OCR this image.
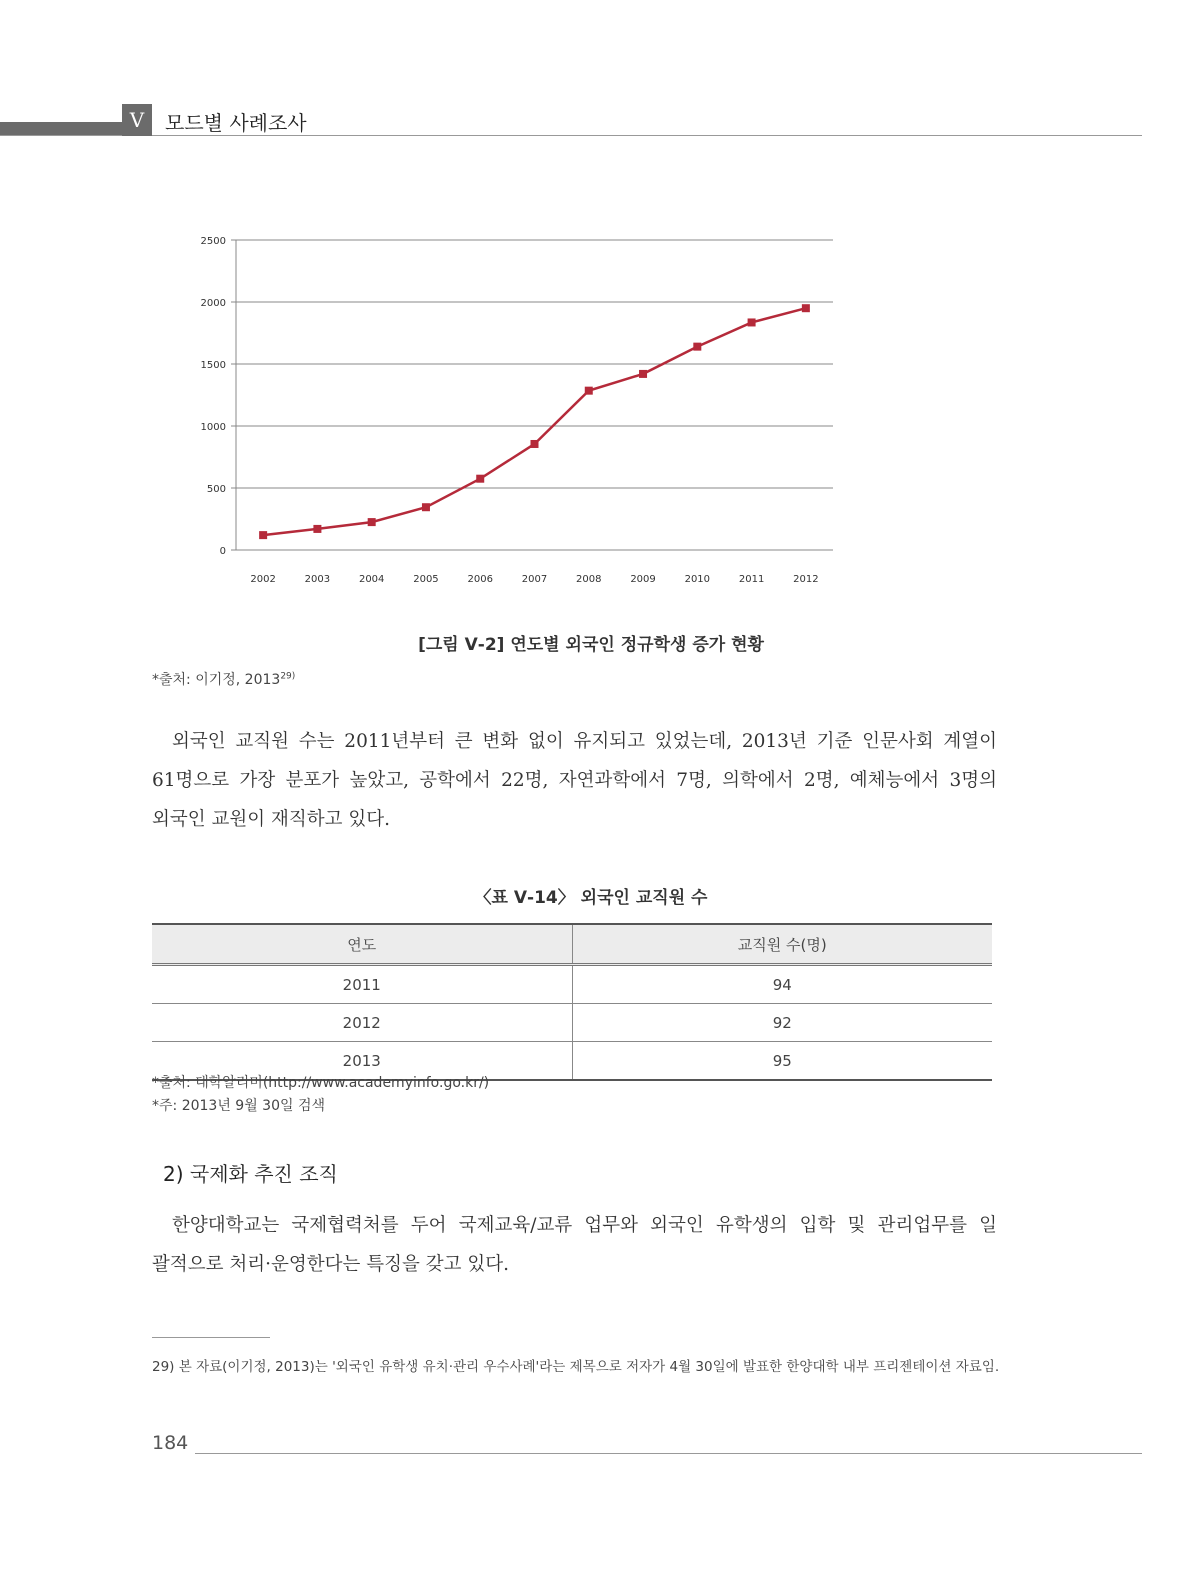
V	모드별 사례조사
0
500
1000
1500
2000
2500
2002	2003	2004	2005	2006	2007	2008	2009	2010	2011	2012
[그림 Ⅴ-2] 연도별 외국인 정규학생 증가 현황
*출처: 이기정, 2013$^{29)}$
외국인 교직원 수는 2011년부터 큰 변화 없이 유지되고 있었는데, 2013년 기준 인문사회 계열이
61명으로 가장 분포가 높았고, 공학에서 22명, 자연과학에서 7명, 의학에서 2명, 예체능에서 3명의
외국인 교원이 재직하고 있다.
〈표 Ⅴ-14〉 외국인 교직원 수
연도	교직원 수(명)
2011	94
2012	92
2013	95
*출처: 대학알리미(http://www.academyinfo.go.kr/)
*주: 2013년 9월 30일 검색
2) 국제화 추진 조직
한양대학교는 국제협력처를 두어 국제교육/교류 업무와 외국인 유학생의 입학 및 관리업무를 일
괄적으로 처리·운영한다는 특징을 갖고 있다.
29) 본 자료(이기정, 2013)는 '외국인 유학생 유치·관리 우수사례'라는 제목으로 저자가 4월 30일에 발표한 한양대학 내부 프리젠테이션 자료임.
184
